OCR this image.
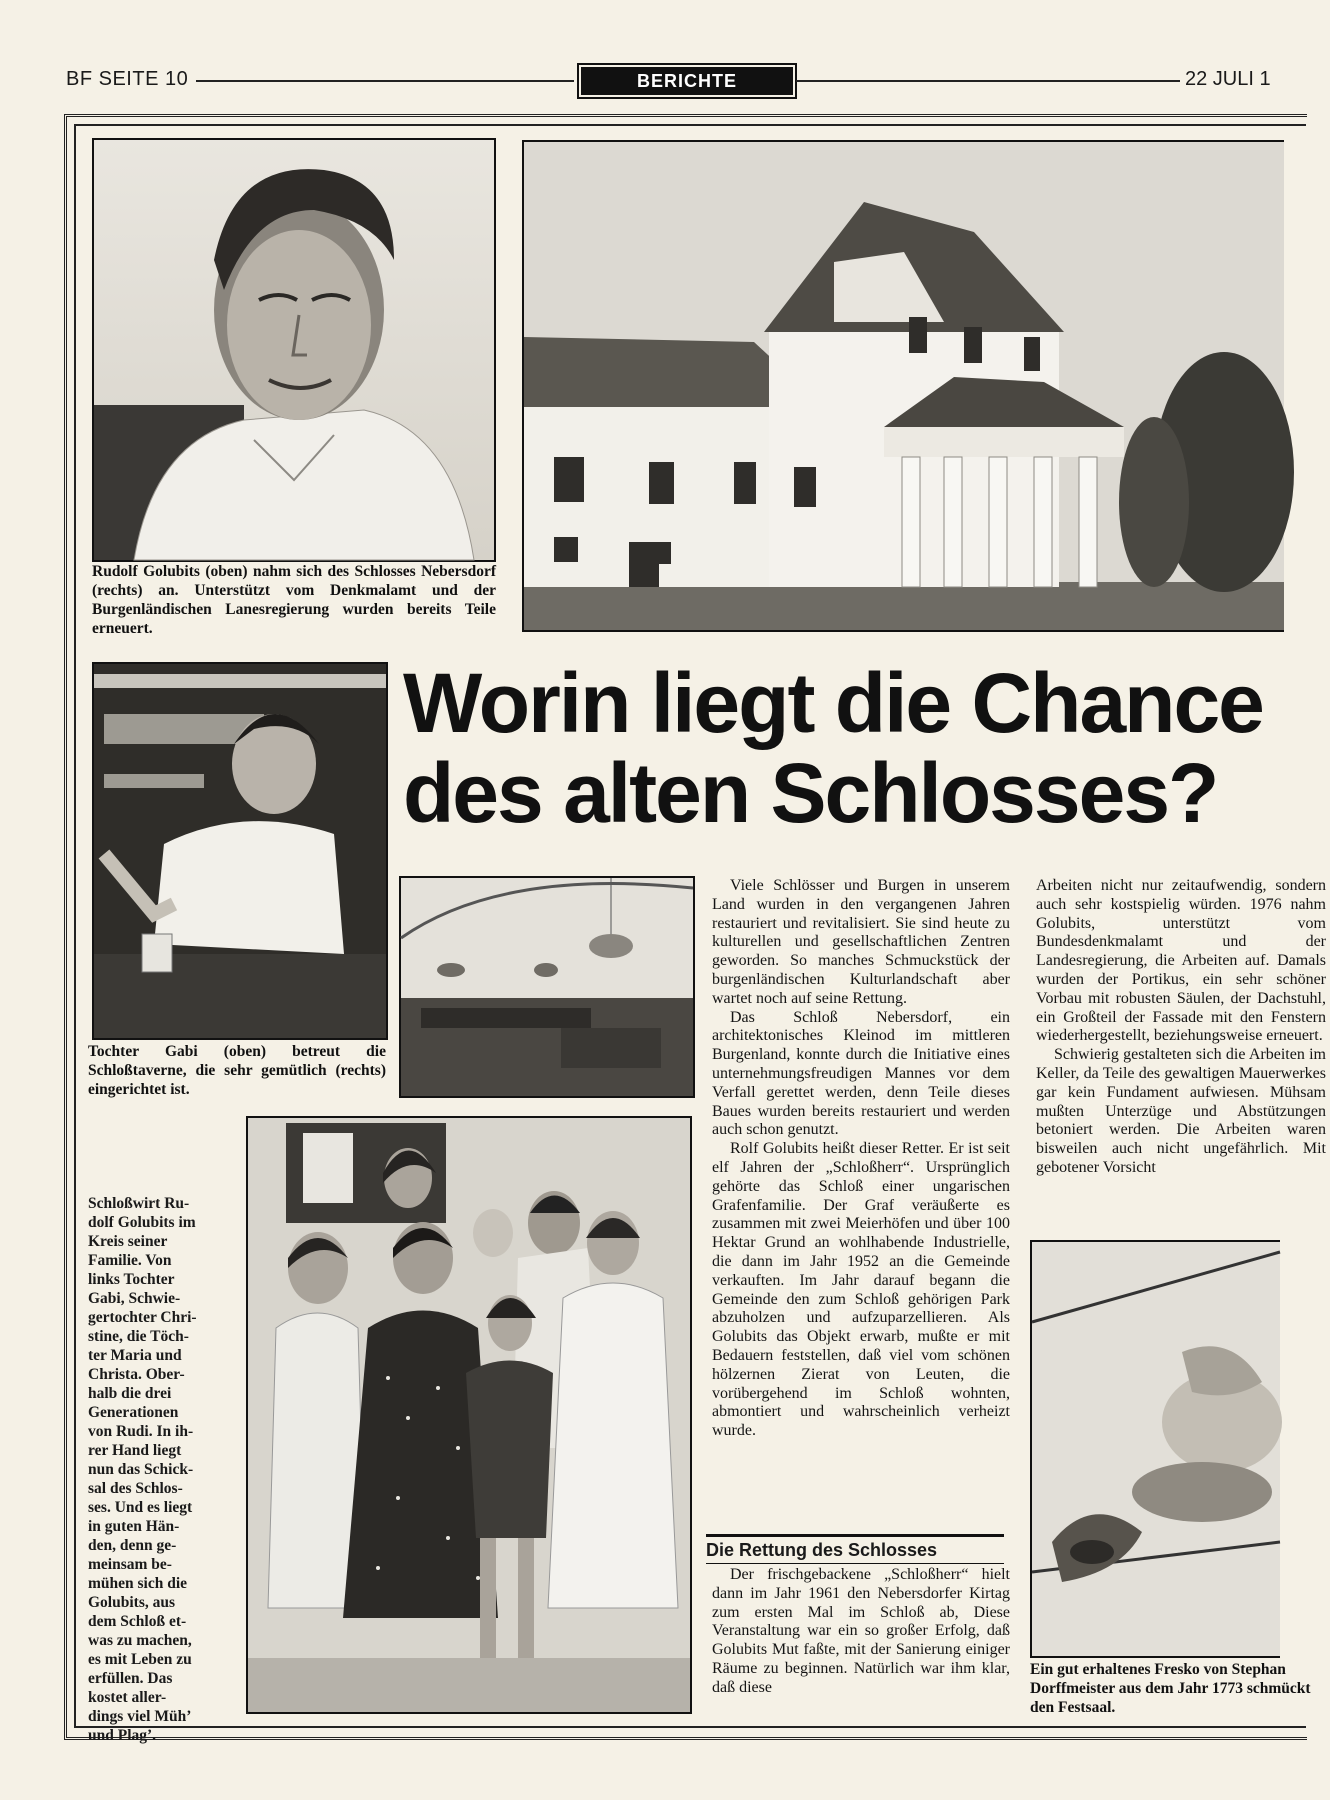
BF SEITE 10	BERICHTE	22 JULI 1
Rudolf Golubits (oben) nahm sich des Schlosses Nebersdorf (rechts) an. Unterstützt vom Denkmalamt und der Burgenländischen Lanesregierung wurden bereits Teile erneuert.
Tochter Gabi (oben) betreut die Schloßtaverne, die sehr gemütlich (rechts) eingerichtet ist.
Worin liegt die Chance
des alten Schlosses?
Schloßwirt Ru-
dolf Golubits im
Kreis seiner
Familie. Von
links Tochter
Gabi, Schwie-
gertochter Chri-
stine, die Töch-
ter Maria und
Christa. Ober-
halb die drei
Generationen
von Rudi. In ih-
rer Hand liegt
nun das Schick-
sal des Schlos-
ses. Und es liegt
in guten Hän-
den, denn ge-
meinsam be-
mühen sich die
Golubits, aus
dem Schloß et-
was zu machen,
es mit Leben zu
erfüllen. Das
kostet aller-
dings viel Müh’
und Plag’.

Viele Schlösser und Burgen in unserem Land wurden in den vergangenen Jahren restauriert und revitalisiert. Sie sind heute zu kulturellen und gesellschaftlichen Zentren geworden. So manches Schmuckstück der burgenländischen Kulturlandschaft aber wartet noch auf seine Rettung.

Das Schloß Nebersdorf, ein architektonisches Kleinod im mittleren Burgenland, konnte durch die Initiative eines unternehmungsfreudigen Mannes vor dem Verfall gerettet werden, denn Teile dieses Baues wurden bereits restauriert und werden auch schon genutzt.

Rolf Golubits heißt dieser Retter. Er ist seit elf Jahren der „Schloßherr“. Ursprünglich gehörte das Schloß einer ungarischen Grafenfamilie. Der Graf veräußerte es zusammen mit zwei Meierhöfen und über 100 Hektar Grund an wohlhabende Industrielle, die dann im Jahr 1952 an die Gemeinde verkauften. Im Jahr darauf begann die Gemeinde den zum Schloß gehörigen Park abzuholzen und aufzuparzellieren. Als Golubits das Objekt erwarb, mußte er mit Bedauern feststellen, daß viel vom schönen hölzernen Zierat von Leuten, die vorübergehend im Schloß wohnten, abmontiert und wahrscheinlich verheizt wurde.

Die Rettung des Schlosses

Der frischgebackene „Schloßherr“ hielt dann im Jahr 1961 den Nebersdorfer Kirtag zum ersten Mal im Schloß ab, Diese Veranstaltung war ein so großer Erfolg, daß Golubits Mut faßte, mit der Sanierung einiger Räume zu beginnen. Natürlich war ihm klar, daß diese

Arbeiten nicht nur zeitaufwendig, sondern auch sehr kostspielig würden. 1976 nahm Golubits, unterstützt vom Bundesdenkmalamt und der Landesregierung, die Arbeiten auf. Damals wurden der Portikus, ein sehr schöner Vorbau mit robusten Säulen, der Dachstuhl, ein Großteil der Fassade mit den Fenstern wiederhergestellt, beziehungsweise erneuert.

Schwierig gestalteten sich die Arbeiten im Keller, da Teile des gewaltigen Mauerwerkes gar kein Fundament aufwiesen. Mühsam mußten Unterzüge und Abstützungen betoniert werden. Die Arbeiten waren bisweilen auch nicht ungefährlich. Mit gebotener Vorsicht

Ein gut erhaltenes Fresko von Stephan Dorffmeister aus dem Jahr 1773 schmückt den Festsaal.
